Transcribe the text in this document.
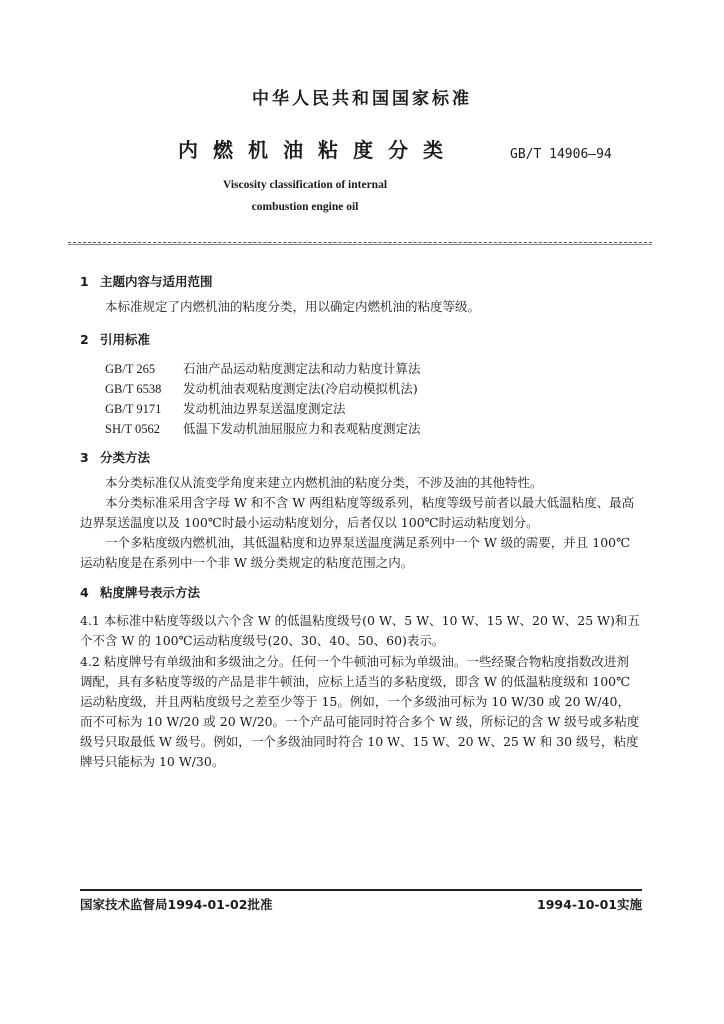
中华人民共和国国家标准
内燃机油粘度分类	GB/T 14906—94
Viscosity classification of internal
combustion engine oil
1 主题内容与适用范围
本标准规定了内燃机油的粘度分类，用以确定内燃机油的粘度等级。
2 引用标准
GB/T 265 石油产品运动粘度测定法和动力粘度计算法
GB/T 6538 发动机油表观粘度测定法(冷启动模拟机法)
GB/T 9171 发动机油边界泵送温度测定法
SH/T 0562 低温下发动机油屈服应力和表观粘度测定法
3 分类方法
本分类标准仅从流变学角度来建立内燃机油的粘度分类，不涉及油的其他特性。
本分类标准采用含字母 W 和不含 W 两组粘度等级系列，粘度等级号前者以最大低温粘度、最高边界泵送温度以及 100℃时最小运动粘度划分，后者仅以 100℃时运动粘度划分。
一个多粘度级内燃机油，其低温粘度和边界泵送温度满足系列中一个 W 级的需要，并且 100℃运动粘度是在系列中一个非 W 级分类规定的粘度范围之内。
4 粘度牌号表示方法
4.1 本标准中粘度等级以六个含 W 的低温粘度级号(0 W、5 W、10 W、15 W、20 W、25 W)和五个不含 W 的 100℃运动粘度级号(20、30、40、50、60)表示。
4.2 粘度牌号有单级油和多级油之分。任何一个牛顿油可标为单级油。一些经聚合物粘度指数改进剂调配，具有多粘度等级的产品是非牛顿油，应标上适当的多粘度级，即含 W 的低温粘度级和 100℃运动粘度级，并且两粘度级号之差至少等于 15。例如，一个多级油可标为 10 W/30 或 20 W/40，而不可标为 10 W/20 或 20 W/20。一个产品可能同时符合多个 W 级，所标记的含 W 级号或多粘度级号只取最低 W 级号。例如，一个多级油同时符合 10 W、15 W、20 W、25 W 和 30 级号，粘度牌号只能标为 10 W/30。
国家技术监督局1994-01-02批准	1994-10-01实施
